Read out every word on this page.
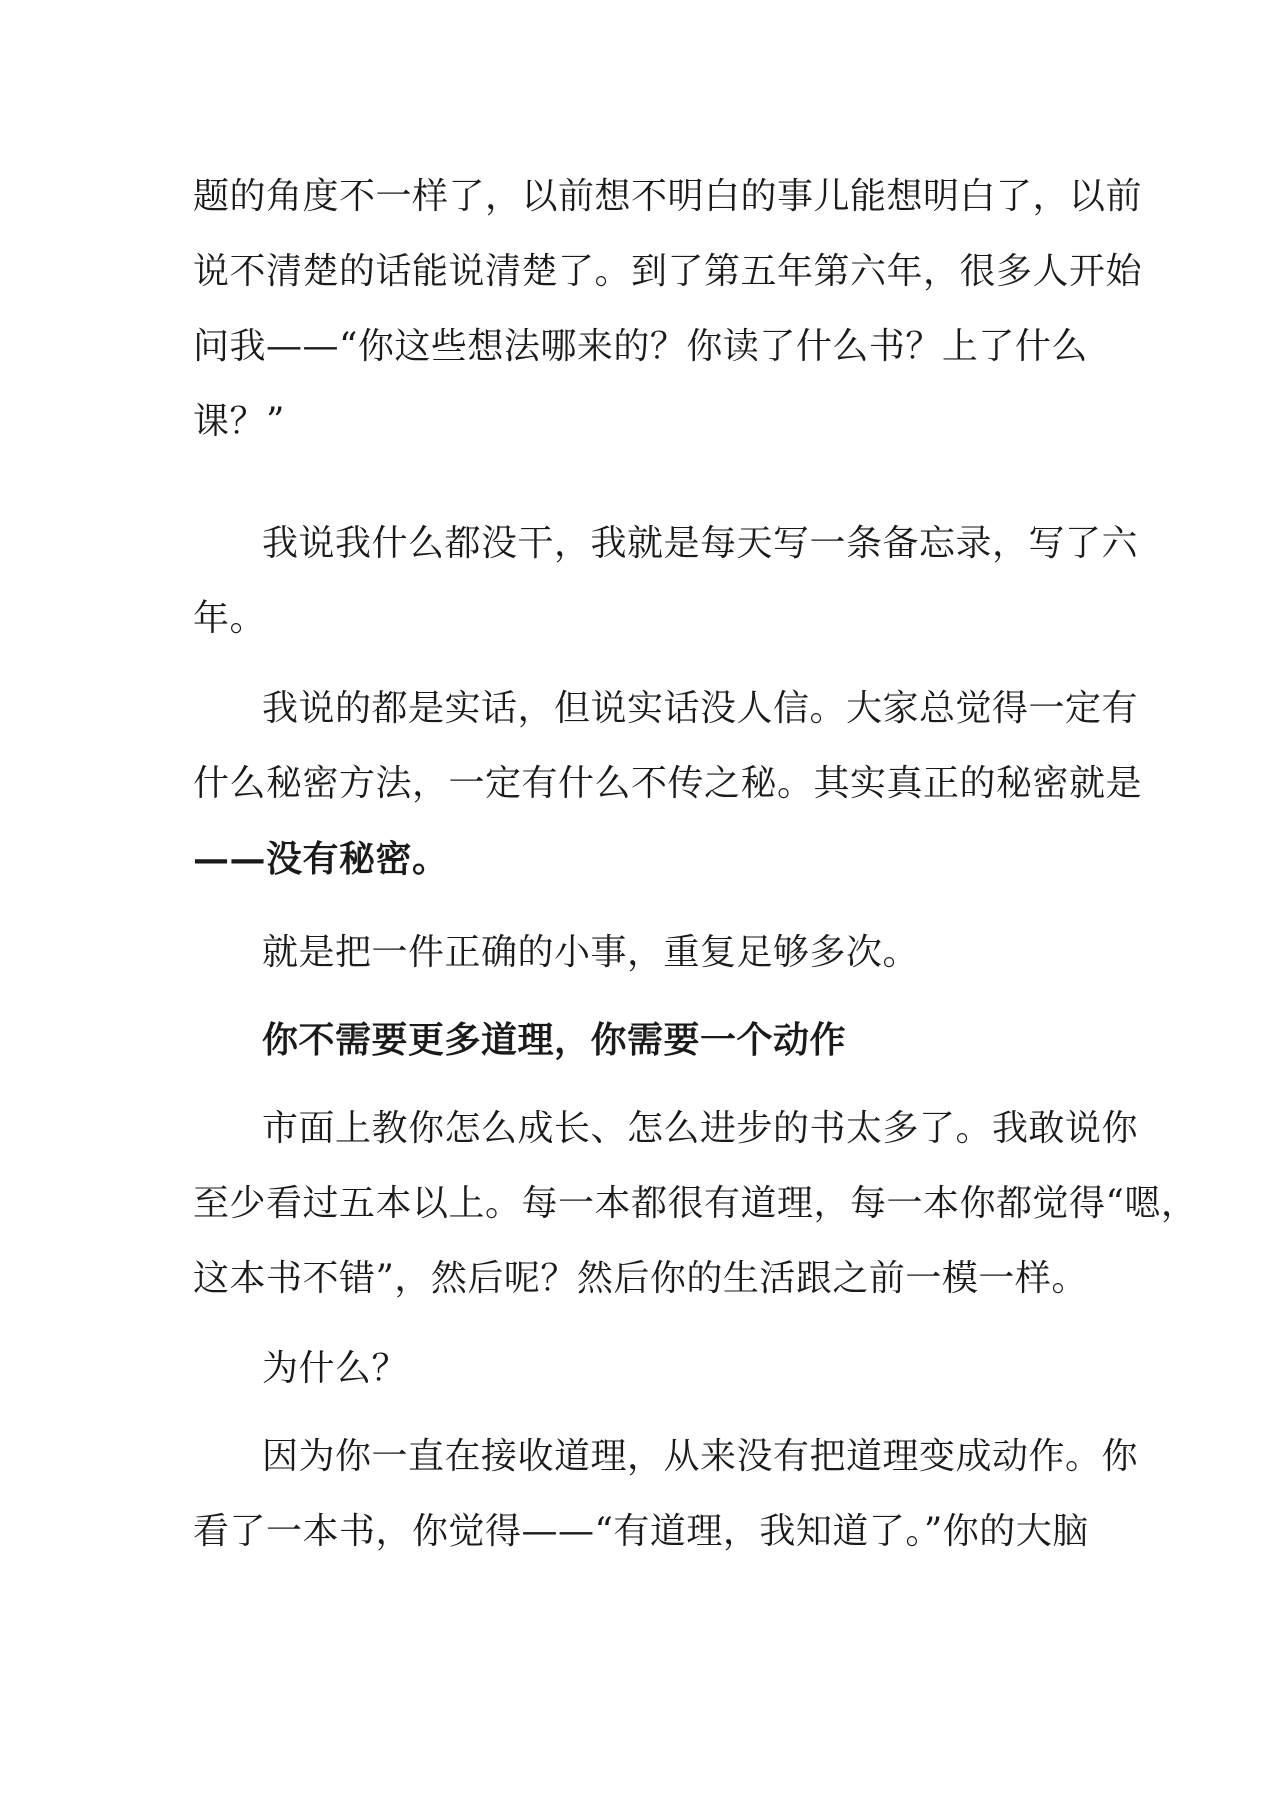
题的角度不一样了，以前想不明白的事儿能想明白了，以前
说不清楚的话能说清楚了。到了第五年第六年，很多人开始
问我——“你这些想法哪来的？你读了什么书？上了什么
课？”
我说我什么都没干，我就是每天写一条备忘录，写了六
年。
我说的都是实话，但说实话没人信。大家总觉得一定有
什么秘密方法，一定有什么不传之秘。其实真正的秘密就是
——没有秘密。
就是把一件正确的小事，重复足够多次。
你不需要更多道理，你需要一个动作
市面上教你怎么成长、怎么进步的书太多了。我敢说你
至少看过五本以上。每一本都很有道理，每一本你都觉得“嗯，
这本书不错”，然后呢？然后你的生活跟之前一模一样。
为什么？
因为你一直在接收道理，从来没有把道理变成动作。你
看了一本书，你觉得——“有道理，我知道了。”你的大脑
